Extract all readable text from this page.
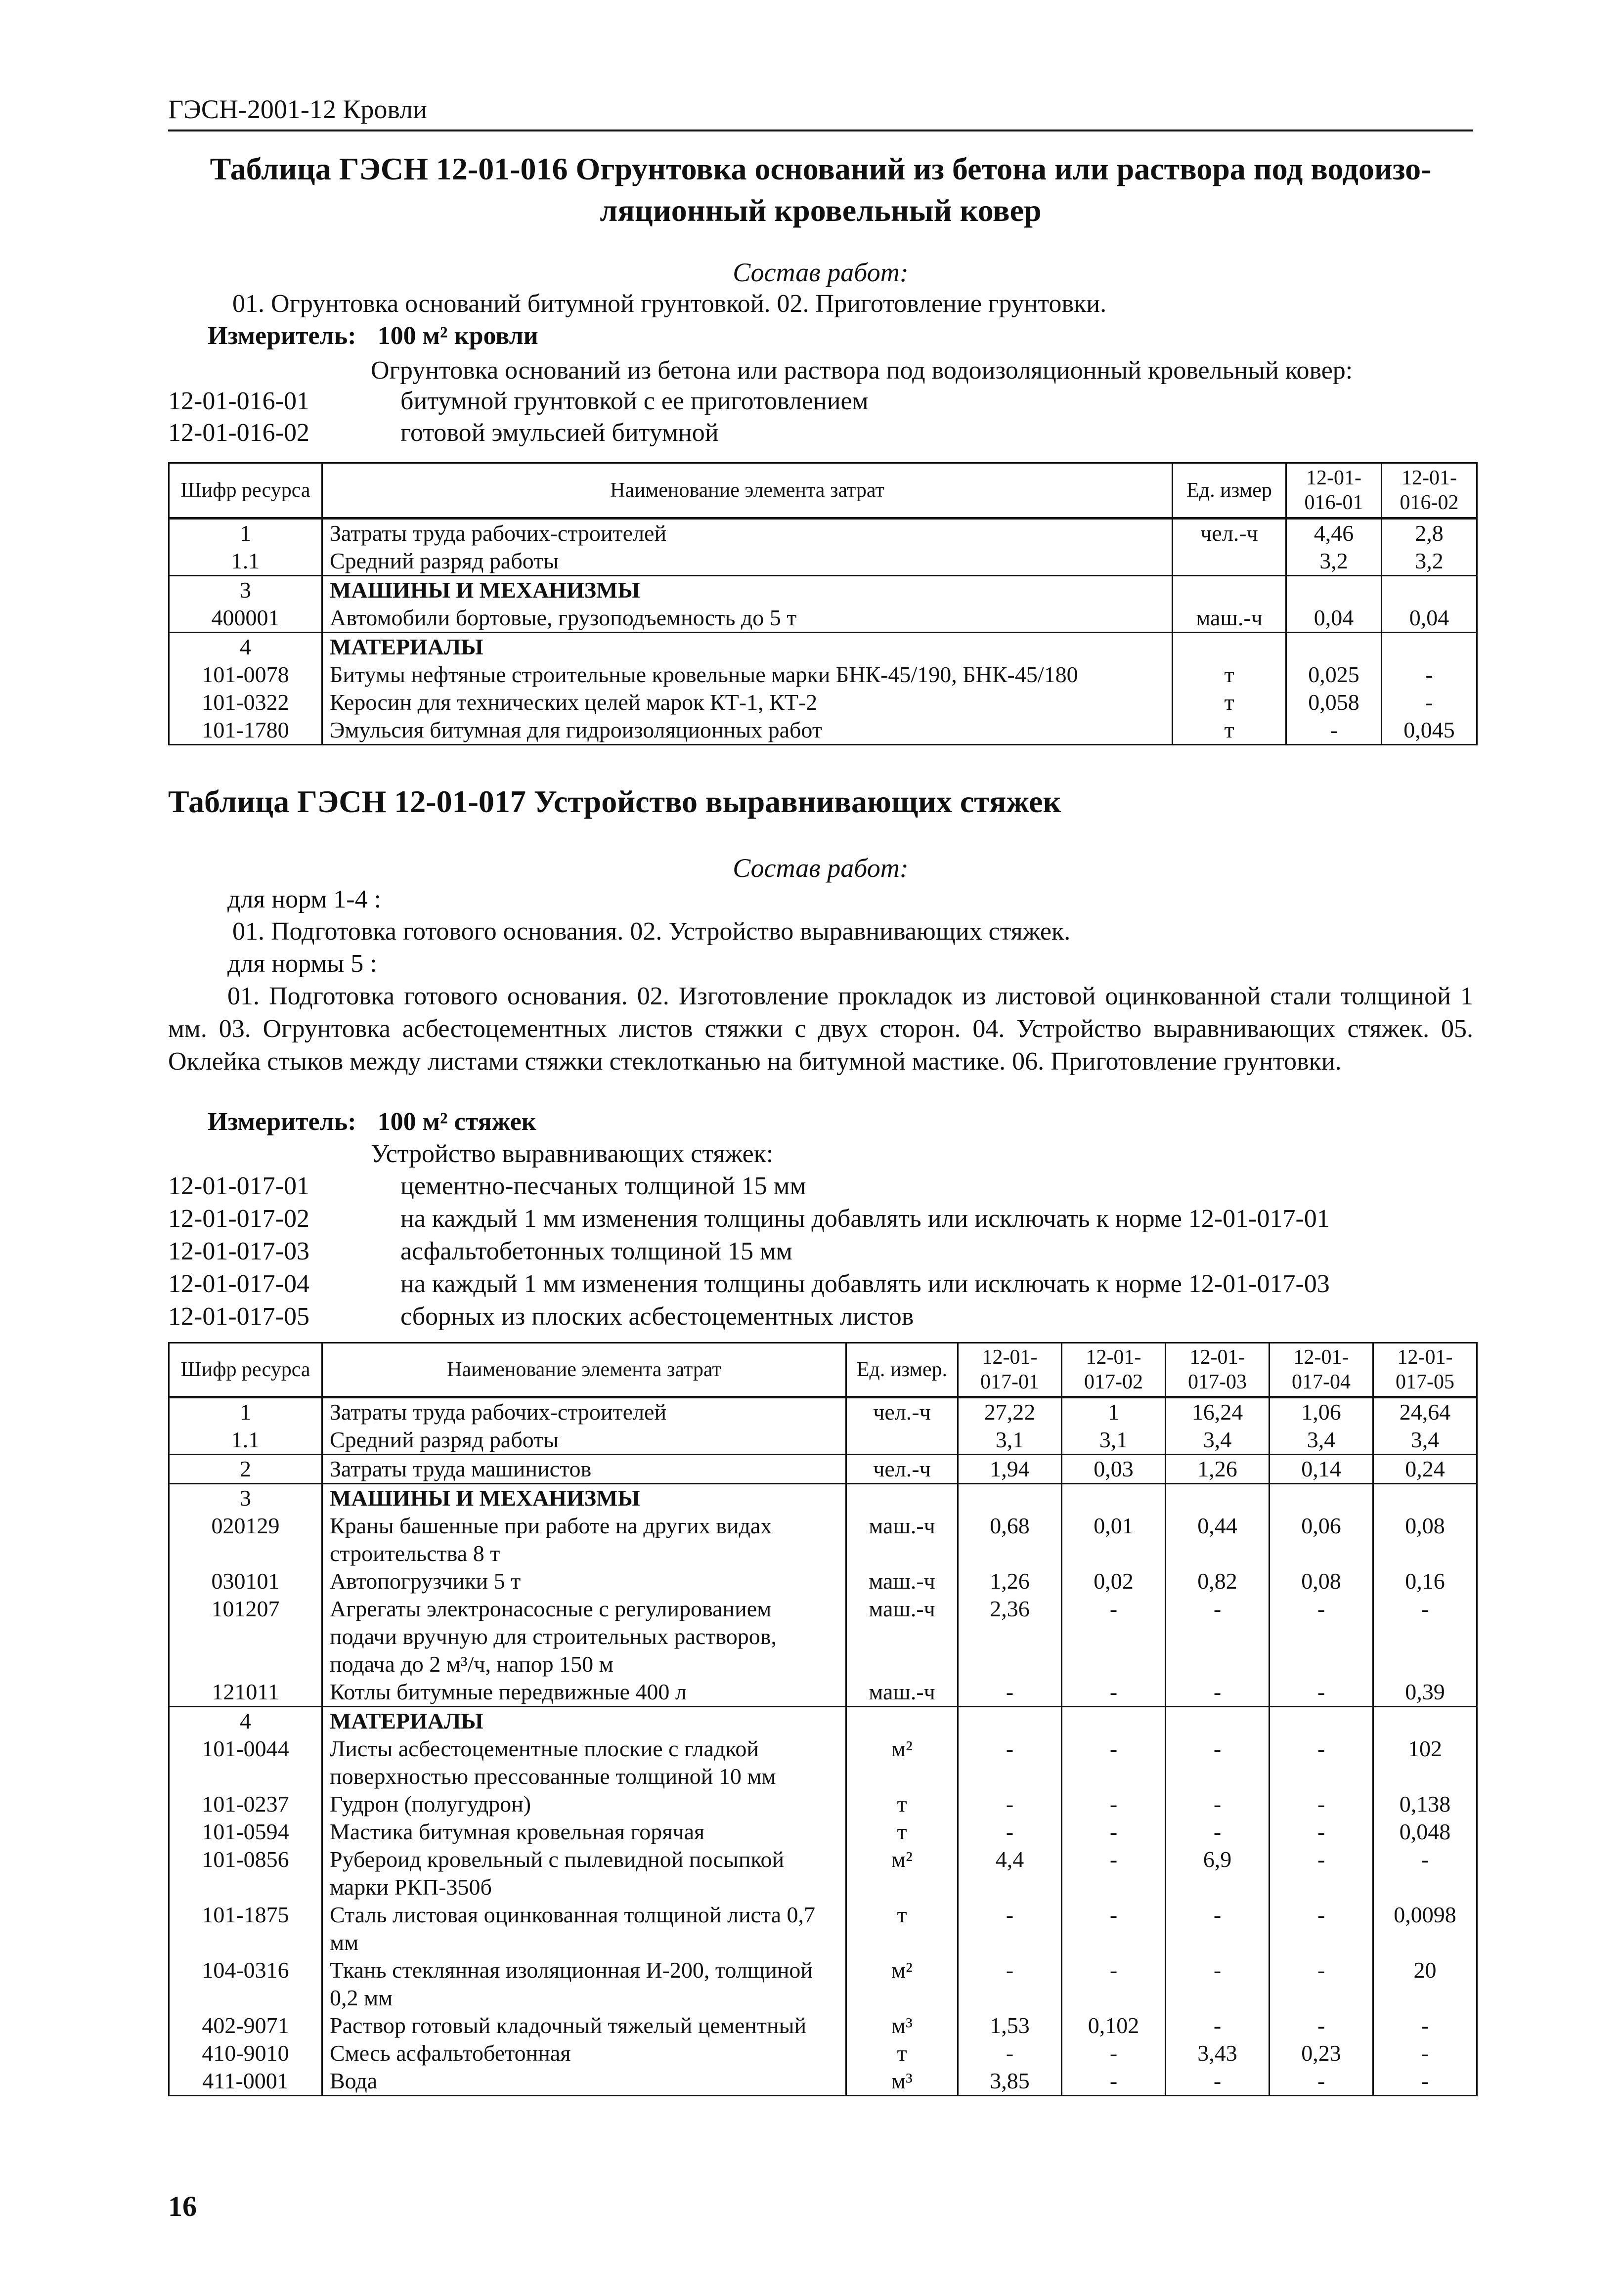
ГЭСН-2001-12 Кровли
Таблица ГЭСН 12-01-016 Огрунтовка оснований из бетона или раствора под водоизо-
ляционный кровельный ковер
Состав работ:
01. Огрунтовка оснований битумной грунтовкой. 02. Приготовление грунтовки.
Измеритель: 100 м² кровли
Огрунтовка оснований из бетона или раствора под водоизоляционный кровельный ковер:
12-01-016-01	битумной грунтовкой с ее приготовлением
12-01-016-02	готовой эмульсией битумной
Шифр ресурса	Наименование элемента затрат	Ед. измер	12-01-016-01	12-01-016-02
1	Затраты труда рабочих-строителей	чел.-ч	4,46	2,8
1.1	Средний разряд работы		3,2	3,2
3	МАШИНЫ И МЕХАНИЗМЫ			
400001	Автомобили бортовые, грузоподъемность до 5 т	маш.-ч	0,04	0,04
4	МАТЕРИАЛЫ			
101-0078	Битумы нефтяные строительные кровельные марки БНК-45/190, БНК-45/180	т	0,025	-
101-0322	Керосин для технических целей марок КТ-1, КТ-2	т	0,058	-
101-1780	Эмульсия битумная для гидроизоляционных работ	т	-	0,045
Таблица ГЭСН 12-01-017 Устройство выравнивающих стяжек
Состав работ:
для норм 1-4 :
01. Подготовка готового основания. 02. Устройство выравнивающих стяжек.
для нормы 5 :
01. Подготовка готового основания. 02. Изготовление прокладок из листовой оцинкованной стали толщиной 1 мм. 03. Огрунтовка асбестоцементных листов стяжки с двух сторон. 04. Устройство выравнивающих стяжек. 05. Оклейка стыков между листами стяжки стеклотканью на битумной мастике. 06. Приготовление грунтовки.
Измеритель: 100 м² стяжек
Устройство выравнивающих стяжек:
12-01-017-01	цементно-песчаных толщиной 15 мм
12-01-017-02	на каждый 1 мм изменения толщины добавлять или исключать к норме 12-01-017-01
12-01-017-03	асфальтобетонных толщиной 15 мм
12-01-017-04	на каждый 1 мм изменения толщины добавлять или исключать к норме 12-01-017-03
12-01-017-05	сборных из плоских асбестоцементных листов
Шифр ресурса	Наименование элемента затрат	Ед. измер.	12-01-017-01	12-01-017-02	12-01-017-03	12-01-017-04	12-01-017-05
1	Затраты труда рабочих-строителей	чел.-ч	27,22	1	16,24	1,06	24,64
1.1	Средний разряд работы		3,1	3,1	3,4	3,4	3,4
2	Затраты труда машинистов	чел.-ч	1,94	0,03	1,26	0,14	0,24
3	МАШИНЫ И МЕХАНИЗМЫ						
020129	Краны башенные при работе на других видах строительства 8 т	маш.-ч	0,68	0,01	0,44	0,06	0,08
030101	Автопогрузчики 5 т	маш.-ч	1,26	0,02	0,82	0,08	0,16
101207	Агрегаты электронасосные с регулированием подачи вручную для строительных растворов, подача до 2 м³/ч, напор 150 м	маш.-ч	2,36	-	-	-	-
121011	Котлы битумные передвижные 400 л	маш.-ч	-	-	-	-	0,39
4	МАТЕРИАЛЫ						
101-0044	Листы асбестоцементные плоские с гладкой поверхностью прессованные толщиной 10 мм	м²	-	-	-	-	102
101-0237	Гудрон (полугудрон)	т	-	-	-	-	0,138
101-0594	Мастика битумная кровельная горячая	т	-	-	-	-	0,048
101-0856	Рубероид кровельный с пылевидной посыпкой марки РКП-350б	м²	4,4	-	6,9	-	-
101-1875	Сталь листовая оцинкованная толщиной листа 0,7 мм	т	-	-	-	-	0,0098
104-0316	Ткань стеклянная изоляционная И-200, толщиной 0,2 мм	м²	-	-	-	-	20
402-9071	Раствор готовый кладочный тяжелый цементный	м³	1,53	0,102	-	-	-
410-9010	Смесь асфальтобетонная	т	-	-	3,43	0,23	-
411-0001	Вода	м³	3,85	-	-	-	-
16
